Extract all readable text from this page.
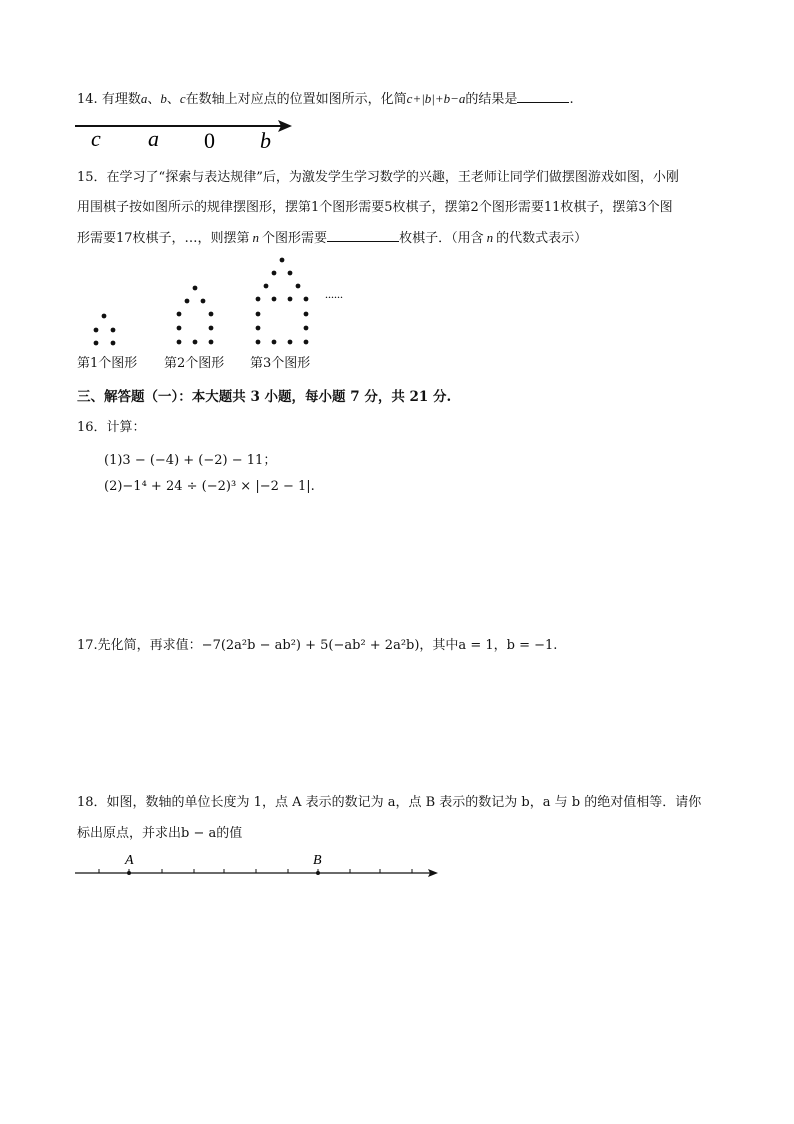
14. 有理数a、b、c在数轴上对应点的位置如图所示，化简c+|b|+b−a的结果是	.
c a 0 b
15．在学习了“探索与表达规律”后，为激发学生学习数学的兴趣，王老师让同学们做摆图游戏如图，小刚
用围棋子按如图所示的规律摆图形，摆第1个图形需要5枚棋子，摆第2个图形需要11枚棋子，摆第3个图
形需要17枚棋子，…，则摆第 n 个图形需要	枚棋子．（用含 n 的代数式表示）
......
第1个图形 第2个图形 第3个图形
三、解答题（一）：本大题共 3 小题，每小题 7 分，共 21 分.
16．计算：
(1)3 − (−4) + (−2) − 11；
(2)−1⁴ + 24 ÷ (−2)³ × |−2 − 1|.
17.先化简，再求值：−7(2a²b − ab²) + 5(−ab² + 2a²b)，其中a = 1，b = −1.
18．如图，数轴的单位长度为 1，点 A 表示的数记为 a，点 B 表示的数记为 b，a 与 b 的绝对值相等．请你
标出原点，并求出b − a的值
A	B
